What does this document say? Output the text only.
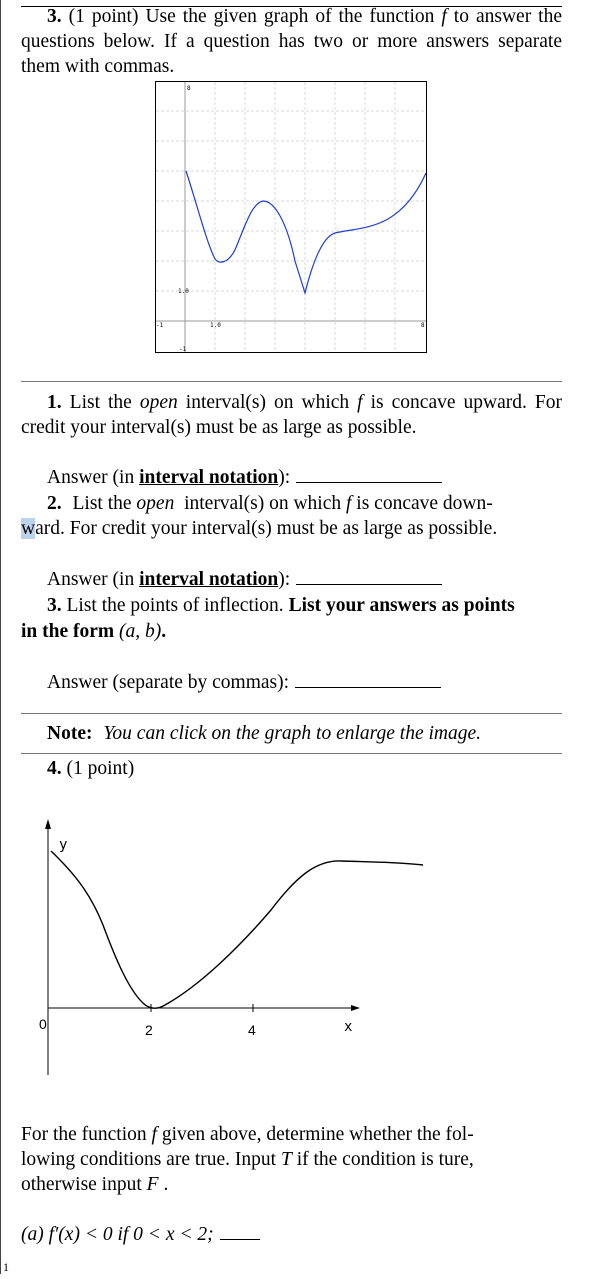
3. (1 point) Use the given graph of the function f to answer the questions below. If a question has two or more answers separate them with commas.

8
1.0
1.0	8
-1
-1

1. List the open interval(s) on which f is concave upward. For credit your interval(s) must be as large as possible.

Answer (in interval notation):
2. List the open  interval(s) on which f is concave down-
ward. For credit your interval(s) must be as large as possible.
Answer (in interval notation):
3. List the points of inflection. List your answers as points
in the form (a, b).
Answer (separate by commas):
Note: You can click on the graph to enlarge the image.
4. (1 point)
y
x
0	2	4
For the function f given above, determine whether the fol-
lowing conditions are true. Input T if the condition is ture,
otherwise input F .
(a) f′(x) < 0 if 0 < x < 2;
1
